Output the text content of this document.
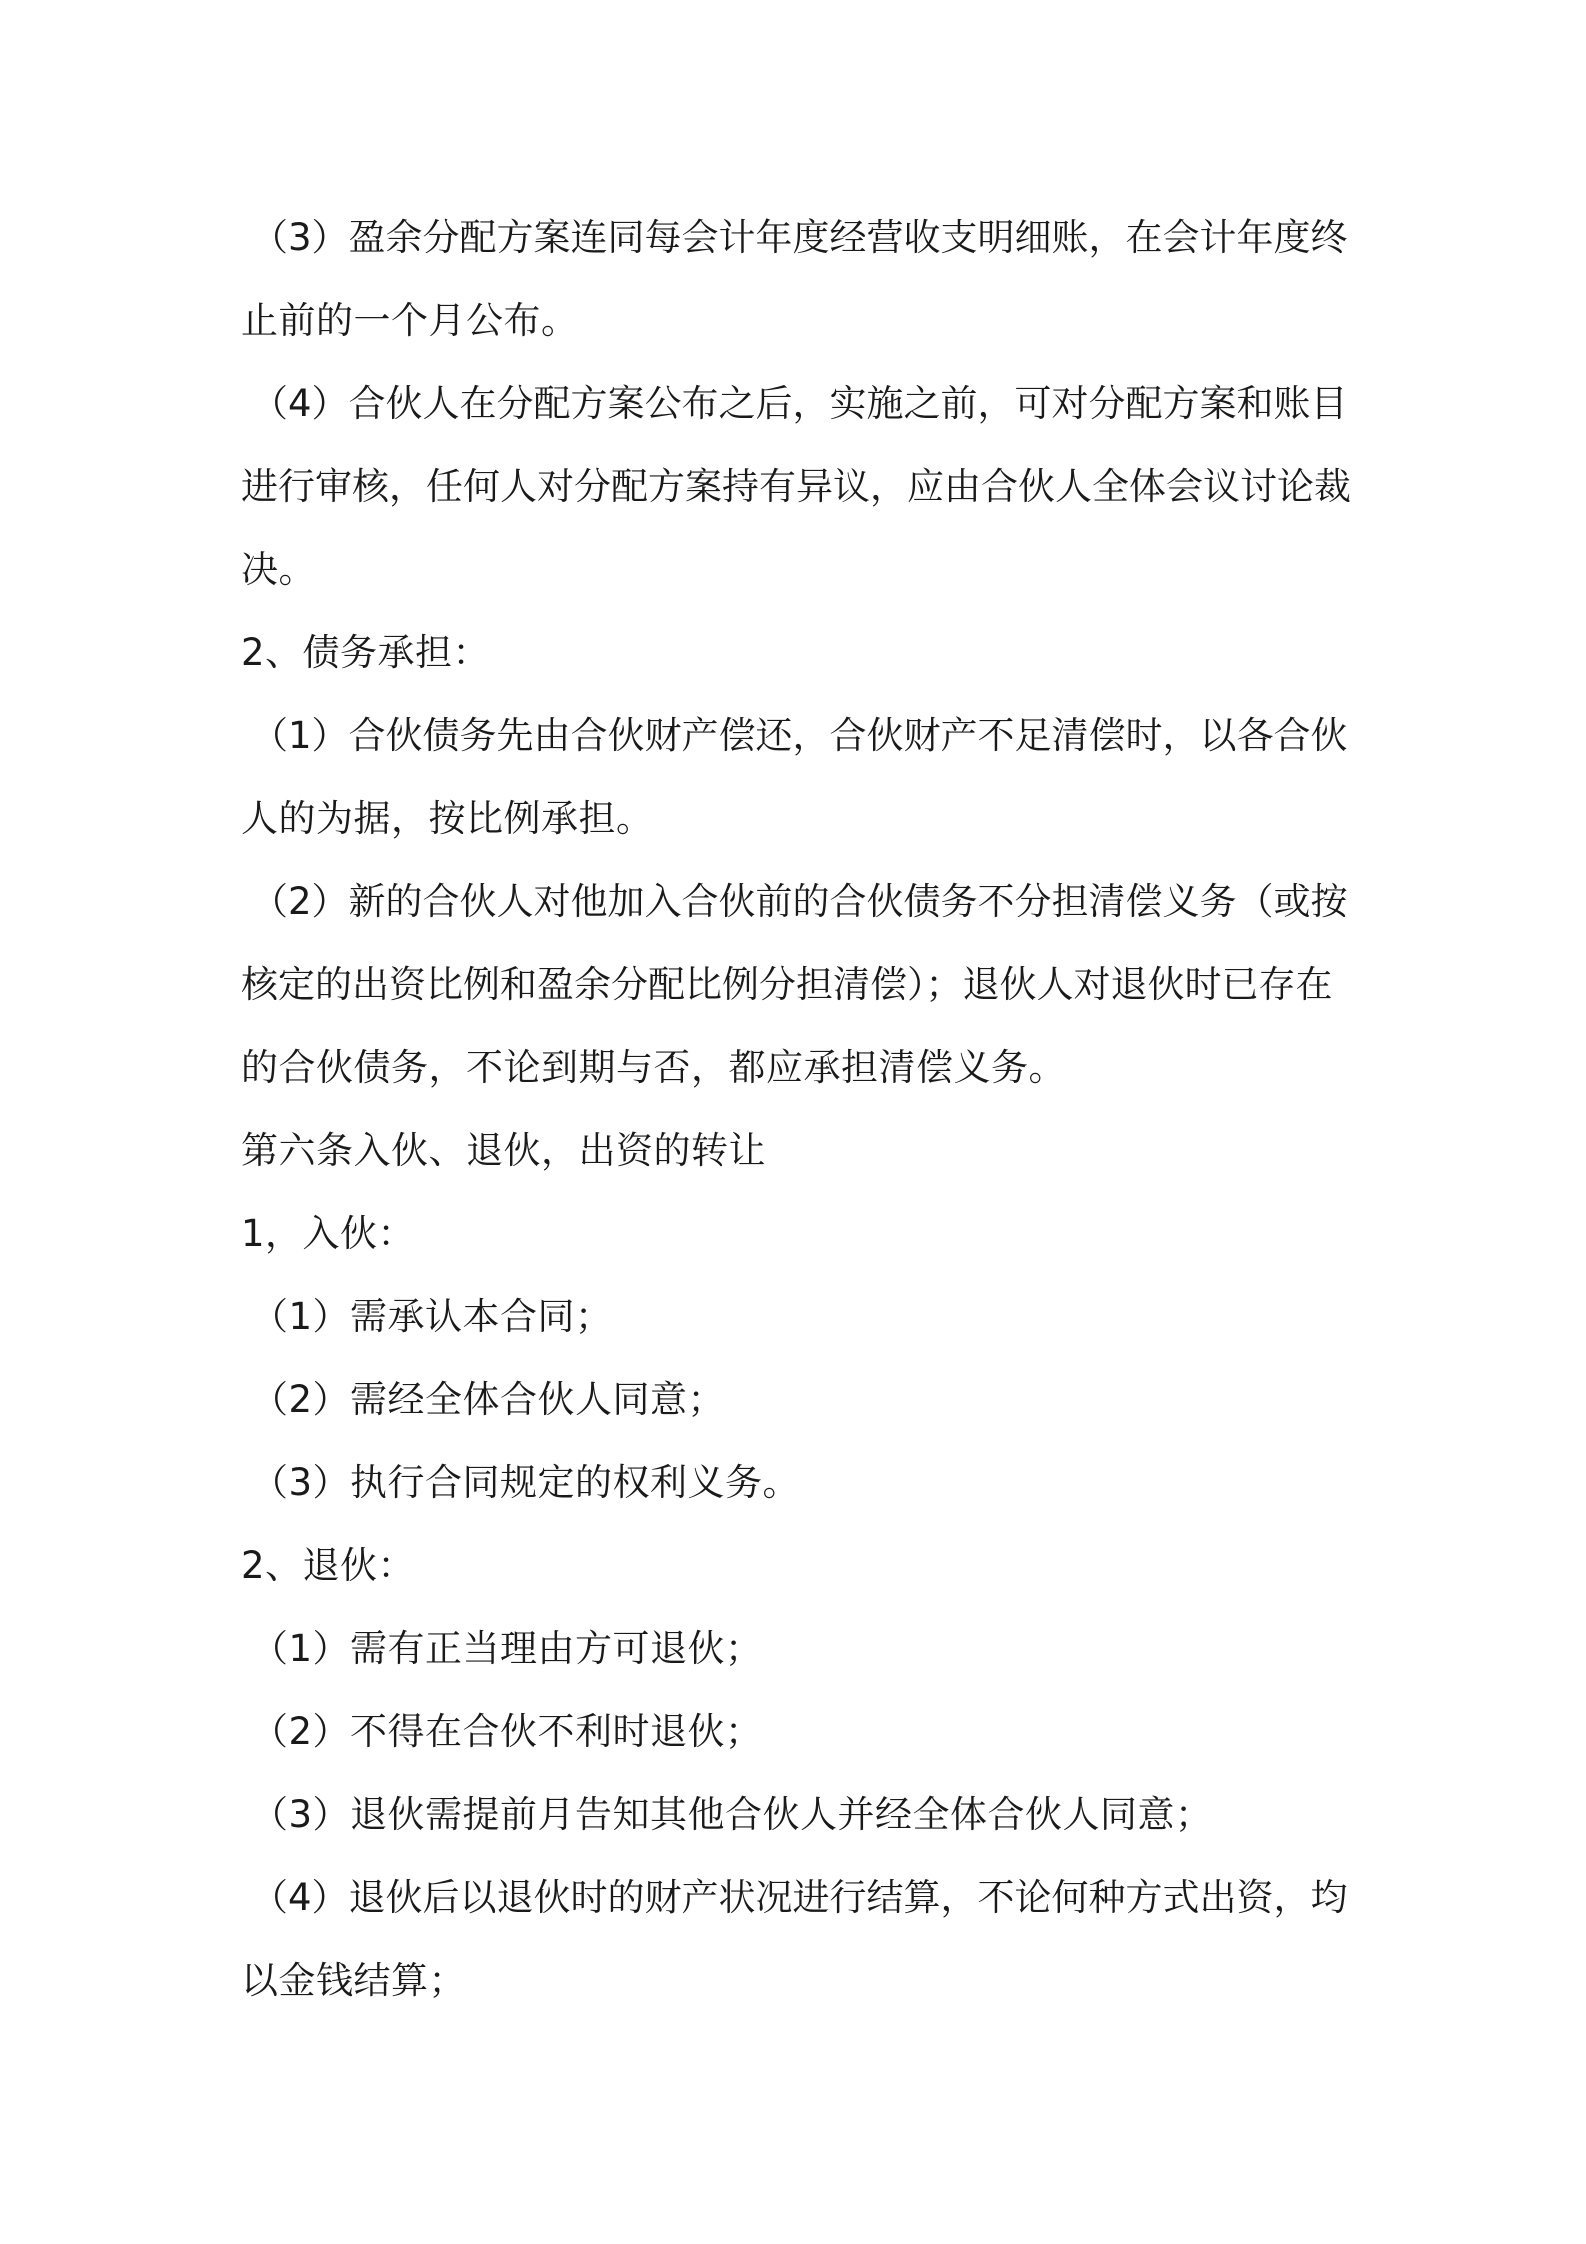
（3）盈余分配方案连同每会计年度经营收支明细账，在会计年度终
止前的一个月公布。
（4）合伙人在分配方案公布之后，实施之前，可对分配方案和账目
进行审核，任何人对分配方案持有异议，应由合伙人全体会议讨论裁
决。
2、债务承担：
（1）合伙债务先由合伙财产偿还，合伙财产不足清偿时，以各合伙
人的为据，按比例承担。
（2）新的合伙人对他加入合伙前的合伙债务不分担清偿义务（或按
核定的出资比例和盈余分配比例分担清偿）；退伙人对退伙时已存在
的合伙债务，不论到期与否，都应承担清偿义务。
第六条入伙、退伙，出资的转让
1，入伙：
（1）需承认本合同；
（2）需经全体合伙人同意；
（3）执行合同规定的权利义务。
2、退伙：
（1）需有正当理由方可退伙；
（2）不得在合伙不利时退伙；
（3）退伙需提前月告知其他合伙人并经全体合伙人同意；
（4）退伙后以退伙时的财产状况进行结算，不论何种方式出资，均
以金钱结算；
